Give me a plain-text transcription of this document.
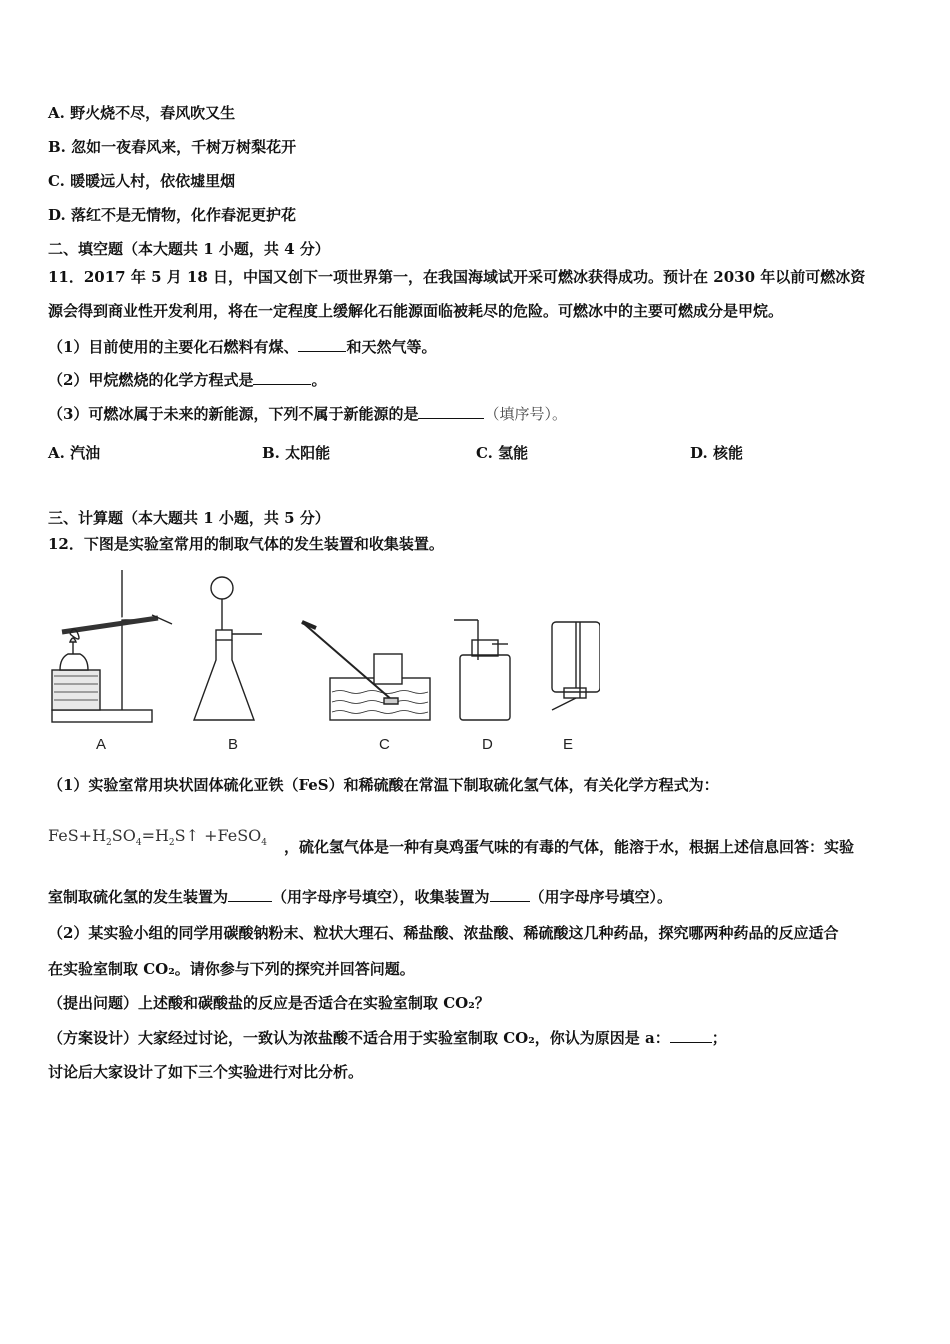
A. 野火烧不尽，春风吹又生
B. 忽如一夜春风来，千树万树梨花开
C. 暖暖远人村，依依墟里烟
D. 落红不是无情物，化作春泥更护花
二、填空题（本大题共 1 小题，共 4 分）
11．2017 年 5 月 18 日，中国又创下一项世界第一，在我国海域试开采可燃冰获得成功。预计在 2030 年以前可燃冰资
源会得到商业性开发利用，将在一定程度上缓解化石能源面临被耗尽的危险。可燃冰中的主要可燃成分是甲烷。
（1）目前使用的主要化石燃料有煤、	和天然气等。
（2）甲烷燃烧的化学方程式是	。
（3）可燃冰属于未来的新能源，下列不属于新能源的是	（填序号）。
A. 汽油	B. 太阳能	C. 氢能	D. 核能
三、计算题（本大题共 1 小题，共 5 分）
12．下图是实验室常用的制取气体的发生装置和收集装置。
A	B	C	D	E
（1）实验室常用块状固体硫化亚铁（FeS）和稀硫酸在常温下制取硫化氢气体，有关化学方程式为：
$FeS+H_2SO_4=H_2S↑$ +FeSO$_4$ ，硫化氢气体是一种有臭鸡蛋气味的有毒的气体，能溶于水，根据上述信息回答：实验
室制取硫化氢的发生装置为	（用字母序号填空），收集装置为	（用字母序号填空）。
（2）某实验小组的同学用碳酸钠粉末、粒状大理石、稀盐酸、浓盐酸、稀硫酸这几种药品，探究哪两种药品的反应适合
在实验室制取 CO₂。请你参与下列的探究并回答问题。
（提出问题）上述酸和碳酸盐的反应是否适合在实验室制取 CO₂？
（方案设计）大家经过讨论，一致认为浓盐酸不适合用于实验室制取 CO₂，你认为原因是 a：	；
讨论后大家设计了如下三个实验进行对比分析。
